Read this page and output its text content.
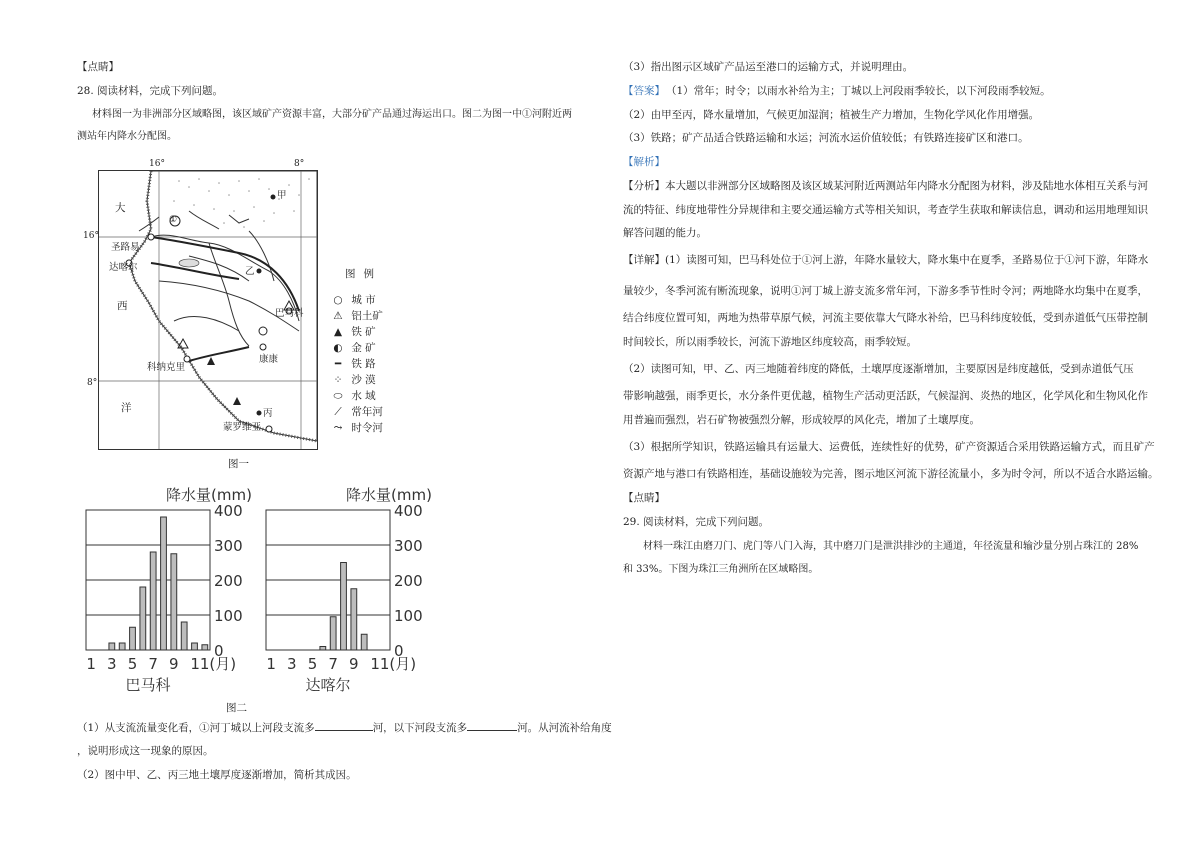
【点睛】
28. 阅读材料，完成下列问题。
材料图一为非洲部分区域略图，该区域矿产资源丰富，大部分矿产品通过海运出口。图二为图一中①河附近两
测站年内降水分配图。
16°	8°
16°
8°
大
西
洋
①
圣路易
达喀尔
巴马科
科纳克里
康康
蒙罗维亚
甲
乙
丙
图例
○ 城 市
⚠ 铝土矿
▲ 铁 矿
◐ 金 矿
━ 铁 路
⁘ 沙 漠
⬭ 水 域
⟋ 常年河
⤳ 时令河
图一
降水量(mm)
0
100
200
300
400
1 3 5 7 9 11(月)
巴马科
降水量(mm)
0
100
200
300
400
1 3 5 7 9 11(月)
达喀尔
图二
（1）从支流流量变化看，①河丁城以上河段支流多	河，以下河段支流多	河。从河流补给角度
，说明形成这一现象的原因。
（2）图中甲、乙、丙三地土壤厚度逐渐增加，简析其成因。
（3）指出图示区域矿产品运至港口的运输方式，并说明理由。
【答案】 （1）常年；时令；以雨水补给为主；丁城以上河段雨季较长，以下河段雨季较短。
（2）由甲至丙，降水量增加，气候更加湿润；植被生产力增加，生物化学风化作用增强。
（3）铁路；矿产品适合铁路运输和水运；河流水运价值较低；有铁路连接矿区和港口。
【解析】
【分析】本大题以非洲部分区域略图及该区域某河附近两测站年内降水分配图为材料，涉及陆地水体相互关系与河
流的特征、纬度地带性分异规律和主要交通运输方式等相关知识，考查学生获取和解读信息，调动和运用地理知识
解答问题的能力。
【详解】(1）读图可知，巴马科处位于①河上游，年降水量较大，降水集中在夏季，圣路易位于①河下游，年降水
量较少，冬季河流有断流现象，说明①河丁城上游支流多常年河，下游多季节性时令河；两地降水均集中在夏季，
结合纬度位置可知，两地为热带草原气候，河流主要依靠大气降水补给，巴马科纬度较低，受到赤道低气压带控制
时间较长，所以雨季较长，河流下游地区纬度较高，雨季较短。
（2）读图可知，甲、乙、丙三地随着纬度的降低，土壤厚度逐渐增加，主要原因是纬度越低，受到赤道低气压
带影响越强，雨季更长，水分条件更优越，植物生产活动更活跃，气候湿润、炎热的地区，化学风化和生物风化作
用普遍而强烈，岩石矿物被强烈分解，形成较厚的风化壳，增加了土壤厚度。
（3）根据所学知识，铁路运输具有运量大、运费低，连续性好的优势，矿产资源适合采用铁路运输方式，而且矿产
资源产地与港口有铁路相连，基础设施较为完善，图示地区河流下游径流量小，多为时令河，所以不适合水路运输。
【点睛】
29. 阅读材料，完成下列问题。
材料一珠江由磨刀门、虎门等八门入海，其中磨刀门是泄洪排沙的主通道，年径流量和输沙量分别占珠江的 28%
和 33%。下图为珠江三角洲所在区域略图。
